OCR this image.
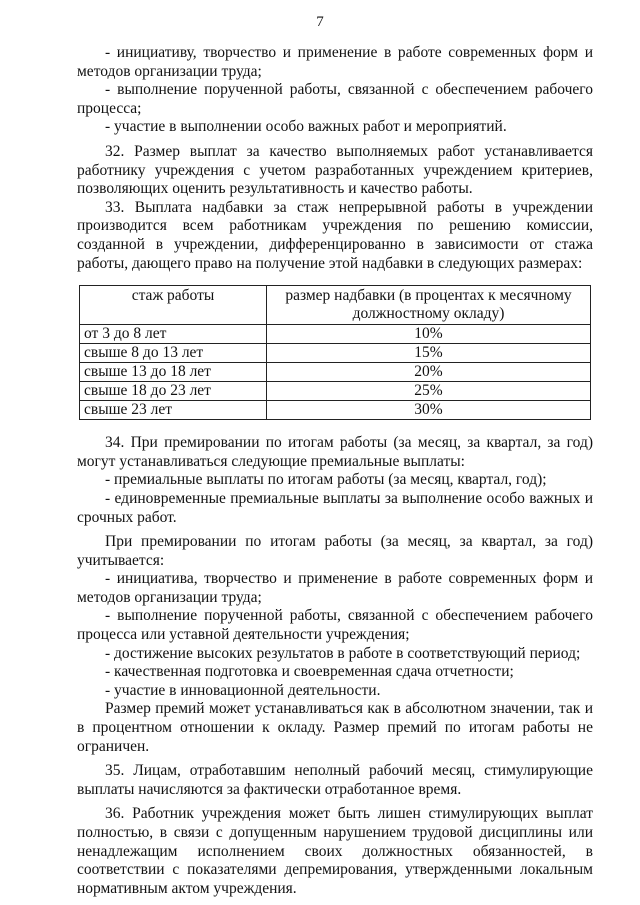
7

- инициативу, творчество и применение в работе современных форм и методов организации труда;

- выполнение порученной работы, связанной с обеспечением рабочего процесса;

- участие в выполнении особо важных работ и мероприятий.

32. Размер выплат за качество выполняемых работ устанавливается работнику учреждения с учетом разработанных учреждением критериев, позволяющих оценить результативность и качество работы.

33. Выплата надбавки за стаж непрерывной работы в учреждении производится всем работникам учреждения по решению комиссии, созданной в учреждении, дифференцированно в зависимости от стажа работы, дающего право на получение этой надбавки в следующих размерах:

стаж работы	размер надбавки (в процентах к месячному должностному окладу)
от 3 до 8 лет	10%
свыше 8 до 13 лет	15%
свыше 13 до 18 лет	20%
свыше 18 до 23 лет	25%
свыше 23 лет	30%

34. При премировании по итогам работы (за месяц, за квартал, за год) могут устанавливаться следующие премиальные выплаты:

- премиальные выплаты по итогам работы (за месяц, квартал, год);

- единовременные премиальные выплаты за выполнение особо важных и срочных работ.

При премировании по итогам работы (за месяц, за квартал, за год) учитывается:

- инициатива, творчество и применение в работе современных форм и методов организации труда;

- выполнение порученной работы, связанной с обеспечением рабочего процесса или уставной деятельности учреждения;

- достижение высоких результатов в работе в соответствующий период;

- качественная подготовка и своевременная сдача отчетности;

- участие в инновационной деятельности.

Размер премий может устанавливаться как в абсолютном значении, так и в процентном отношении к окладу. Размер премий по итогам работы не ограничен.

35. Лицам, отработавшим неполный рабочий месяц, стимулирующие выплаты начисляются за фактически отработанное время.

36. Работник учреждения может быть лишен стимулирующих выплат полностью, в связи с допущенным нарушением трудовой дисциплины или ненадлежащим исполнением своих должностных обязанностей, в соответствии с показателями депремирования, утвержденными локальным нормативным актом учреждения.
